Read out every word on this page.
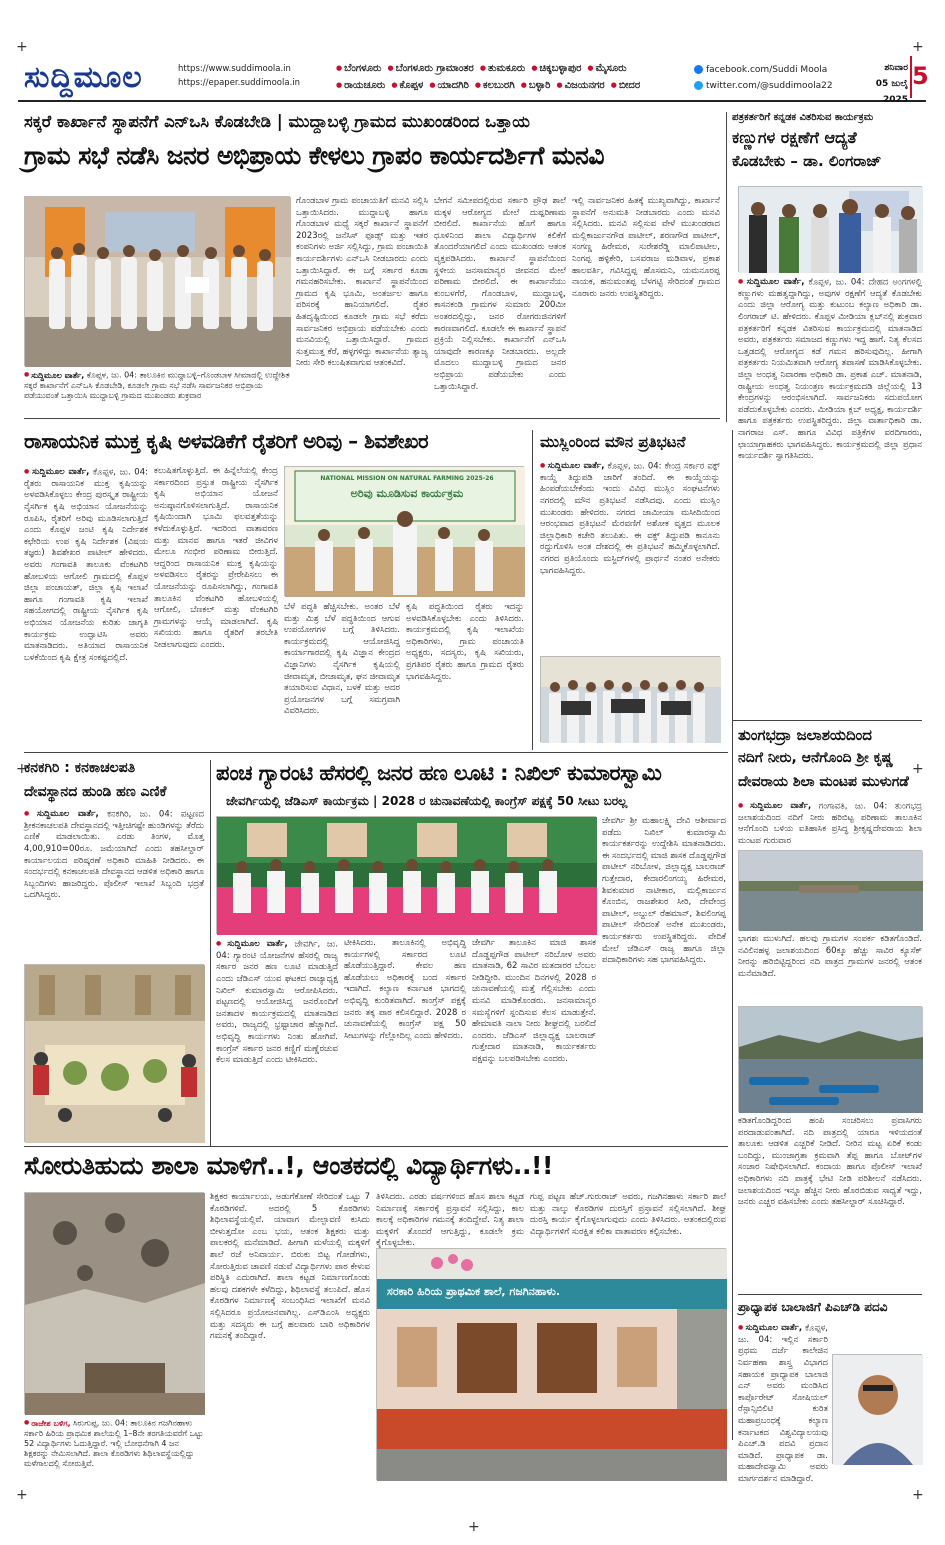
+	+
+	+
+	+
ಸುದ್ದಿಮೂಲ	https://www.suddimoola.in
https://epaper.suddimoola.in
● ಬೆಂಗಳೂರು ● ಬೆಂಗಳೂರು ಗ್ರಾಮಾಂತರ ● ತುಮಕೂರು ● ಚಿಕ್ಕಬಳ್ಳಾಪುರ ● ಮೈಸೂರು
● ರಾಯಚೂರು ● ಕೊಪ್ಪಳ ● ಯಾದಗಿರಿ ● ಕಲಬುರಗಿ ● ಬಳ್ಳಾರಿ ● ವಿಜಯನಗರ ● ಬೀದರ
facebook.com/Suddi Moola
twitter.com/@suddimoola22
ಶನಿವಾರ
05 ಜುಲೈ 2025
5
ಸಕ್ಕರೆ ಕಾರ್ಖಾನೆ ಸ್ಥಾಪನೆಗೆ ಎನ್‌ಒಸಿ ಕೊಡಬೇಡಿ | ಮುದ್ದಾಬಳ್ಳಿ ಗ್ರಾಮದ ಮುಖಂಡರಿಂದ ಒತ್ತಾಯ
ಗ್ರಾಮ ಸಭೆ ನಡೆಸಿ ಜನರ ಅಭಿಪ್ರಾಯ ಕೇಳಲು ಗ್ರಾಪಂ ಕಾರ್ಯದರ್ಶಿಗೆ ಮನವಿ
● ಸುದ್ದಿಮೂಲ ವಾರ್ತೆ, ಕೊಪ್ಪಳ, ಜು. 04: ತಾಲೂಕಿನ ಮುದ್ದಾಬಳ್ಳಿ–ಗೊಂಡಬಾಳ ಸೀಮಾದಲ್ಲಿ ಉದ್ದೇಶಿತ ಸಕ್ಕರೆ ಕಾರ್ಖಾನೆಗೆ ಎನ್‌ಒಸಿ ಕೊಡಬೇಡಿ, ಕೂಡಲೇ ಗ್ರಾಮ ಸಭೆ ನಡೆಸಿ ಸಾರ್ವಜನಿಕರ ಅಭಿಪ್ರಾಯ ಪಡೆಯುವಂತೆ ಒತ್ತಾಯಿಸಿ ಮುದ್ದಾಬಳ್ಳಿ ಗ್ರಾಮದ ಮುಖಂಡರು ಶುಕ್ರವಾರ
ಗೊಂಡಬಾಳ ಗ್ರಾಮ ಪಂಚಾಯತಿಗೆ ಮನವಿ ಸಲ್ಲಿಸಿ ಒತ್ತಾಯಿಸಿದರು. ಮುದ್ದಾಬಳ್ಳಿ ಹಾಗೂ ಗೊಂಡಬಾಳ ಮಧ್ಯೆ ಸಕ್ಕರೆ ಕಾರ್ಖಾನೆ ಸ್ಥಾಪನೆಗೆ 2023ರಲ್ಲಿ ಜನೆಸಿಸ್ ಫೂಡ್ಸ್ ಮತ್ತು ಇತರ ಕಂಪನಿಗಳು ಅರ್ಜಿ ಸಲ್ಲಿಸಿದ್ದು, ಗ್ರಾಮ ಪಂಚಾಯಿತಿ ಕಾರ್ಯದರ್ಶಿಗಳು ಎನ್‌ಒಸಿ ನೀಡಬಾರದು ಎಂದು ಒತ್ತಾಯಿಸಿದ್ದಾರೆ. ಈ ಬಗ್ಗೆ ಸರ್ಕಾರ ಕೂಡಾ ಗಮನಹರಿಸಬೇಕು. ಕಾರ್ಖಾನೆ ಸ್ಥಾಪನೆಯಿಂದ ಗ್ರಾಮದ ಕೃಷಿ ಭೂಮಿ, ಅಂತರ್ಜಲ ಹಾಗೂ ಪರಿಸರಕ್ಕೆ ಹಾನಿಯಾಗಲಿದೆ. ರೈತರ ಹಿತದೃಷ್ಟಿಯಿಂದ ಕೂಡಲೇ ಗ್ರಾಮ ಸಭೆ ಕರೆದು ಸಾರ್ವಜನಿಕರ ಅಭಿಪ್ರಾಯ ಪಡೆಯಬೇಕು ಎಂದು ಮನವಿಯಲ್ಲಿ ಒತ್ತಾಯಿಸಿದ್ದಾರೆ. ಗ್ರಾಮದ ಸುತ್ತಮುತ್ತ ಕೆರೆ, ಹಳ್ಳಗಳಿದ್ದು ಕಾರ್ಖಾನೆಯ ತ್ಯಾಜ್ಯ ನೀರು ಸೇರಿ ಕಲುಷಿತವಾಗುವ ಆತಂಕವಿದೆ.
ಬೇಗನೆ ಸಮೀಪದಲ್ಲಿರುವ ಸರ್ಕಾರಿ ಪ್ರೌಢ ಶಾಲೆ ಮಕ್ಕಳ ಆರೋಗ್ಯದ ಮೇಲೆ ದುಷ್ಪರಿಣಾಮ ಬೀರಲಿದೆ. ಕಾರ್ಖಾನೆಯ ಹೊಗೆ ಹಾಗೂ ಧೂಳಿನಿಂದ ಶಾಲಾ ವಿದ್ಯಾರ್ಥಿಗಳ ಕಲಿಕೆಗೆ ತೊಂದರೆಯಾಗಲಿದೆ ಎಂದು ಮುಖಂಡರು ಆತಂಕ ವ್ಯಕ್ತಪಡಿಸಿದರು. ಕಾರ್ಖಾನೆ ಸ್ಥಾಪನೆಯಿಂದ ಸ್ಥಳೀಯ ಜನಸಾಮಾನ್ಯರ ಜೀವನದ ಮೇಲೆ ಪರಿಣಾಮ ಬೀರಲಿದೆ. ಈ ಕಾರ್ಖಾನೆಯು ಕುಂಬಳಗೆರೆ, ಗೊಂಡಬಾಳ, ಮುದ್ದಾಬಳ್ಳಿ, ಕಾಸನಕಂಡಿ ಗ್ರಾಮಗಳ ಸುಮಾರು 200ಮೀ ಅಂತರದಲ್ಲಿದ್ದು, ಜನರ ರೋಗರುಜಿನಗಳಿಗೆ ಕಾರಣವಾಗಲಿದೆ. ಕೂಡಲೇ ಈ ಕಾರ್ಖಾನೆ ಸ್ಥಾಪನೆ ಪ್ರಕ್ರಿಯೆ ನಿಲ್ಲಿಸಬೇಕು. ಕಾರ್ಖಾನೆಗೆ ಎನ್‌ಒಸಿ ಯಾವುದೇ ಕಾರಣಕ್ಕೂ ನೀಡಬಾರದು. ಅಲ್ಲದೇ ಮೊದಲು ಮುದ್ದಾಬಳ್ಳಿ ಗ್ರಾಮದ ಜನರ ಅಭಿಪ್ರಾಯ ಪಡೆಯಬೇಕು ಎಂದು ಒತ್ತಾಯಿಸಿದ್ದಾರೆ.
ಇಲ್ಲಿ ನಾರ್ವಜನಿಕರ ಹಿತಕ್ಕೆ ಮುಖ್ಯವಾಗಿದ್ದು, ಕಾರ್ಖಾನೆ ಸ್ಥಾಪನೆಗೆ ಅನುಮತಿ ನೀಡಬಾರದು ಎಂದು ಮನವಿ ಸಲ್ಲಿಸಿದರು. ಮನವಿ ಸಲ್ಲಿಸುವ ವೇಳೆ ಮುಖಂಡರಾದ ಮಲ್ಲಿಕಾರ್ಜುನಗೌಡ ಪಾಟೀಲ್, ಶರಣಗೌಡ ಪಾಟೀಲ್, ಸಂಗಣ್ಣ ಹಿರೇಮಠ, ಸುರೇಶರೆಡ್ಡಿ ಮಾಲಿಪಾಟೀಲ, ನಿಂಗಪ್ಪ ಹಳ್ಳಿಕೇರಿ, ಬಸವರಾಜ ಮಡಿವಾಳ, ಪ್ರಕಾಶ ಹಾಲವರ್ತಿ, ಗವಿಸಿದ್ದಪ್ಪ ಹೊಸಮನಿ, ಯಮನೂರಪ್ಪ ನಾಯಕ, ಹನುಮಂತಪ್ಪ ಬೆಳಗಟ್ಟಿ ಸೇರಿದಂತೆ ಗ್ರಾಮದ ನೂರಾರು ಜನರು ಉಪಸ್ಥಿತರಿದ್ದರು.
ಪತ್ರಕರ್ತರಿಗೆ ಕನ್ನಡಕ ವಿತರಿಸುವ ಕಾರ್ಯಕ್ರಮ
ಕಣ್ಣುಗಳ ರಕ್ಷಣೆಗೆ ಆದ್ಯತೆ
ಕೊಡಬೇಕು – ಡಾ. ಲಿಂಗರಾಜ್
● ಸುದ್ದಿಮೂಲ ವಾರ್ತೆ, ಕೊಪ್ಪಳ, ಜು. 04: ದೇಹದ ಅಂಗಗಳಲ್ಲಿ ಕಣ್ಣುಗಳು ಮಹತ್ವದ್ದಾಗಿದ್ದು, ಅವುಗಳ ರಕ್ಷಣೆಗೆ ಆದ್ಯತೆ ಕೊಡಬೇಕು ಎಂದು ಜಿಲ್ಲಾ ಆರೋಗ್ಯ ಮತ್ತು ಕುಟುಂಬ ಕಲ್ಯಾಣ ಅಧಿಕಾರಿ ಡಾ. ಲಿಂಗರಾಜ್ ಟಿ. ಹೇಳಿದರು. ಕೊಪ್ಪಳ ಮೀಡಿಯಾ ಕ್ಲಬ್‌ನಲ್ಲಿ ಶುಕ್ರವಾರ ಪತ್ರಕರ್ತರಿಗೆ ಕನ್ನಡಕ ವಿತರಿಸುವ ಕಾರ್ಯಕ್ರಮದಲ್ಲಿ ಮಾತನಾಡಿದ ಅವರು, ಪತ್ರಕರ್ತರು ಸಮಾಜದ ಕಣ್ಣುಗಳು ಇದ್ದ ಹಾಗೆ. ನಿತ್ಯ ಕೆಲಸದ ಒತ್ತಡದಲ್ಲಿ ಆರೋಗ್ಯದ ಕಡೆ ಗಮನ ಹರಿಸುವುದಿಲ್ಲ. ಹೀಗಾಗಿ ಪತ್ರಕರ್ತರು ನಿಯಮಿತವಾಗಿ ಆರೋಗ್ಯ ತಪಾಸಣೆ ಮಾಡಿಸಿಕೊಳ್ಳಬೇಕು. ಜಿಲ್ಲಾ ಅಂಧತ್ವ ನಿವಾರಣಾ ಅಧಿಕಾರಿ ಡಾ. ಪ್ರಕಾಶ ಎಚ್. ಮಾತನಾಡಿ, ರಾಷ್ಟ್ರೀಯ ಅಂಧತ್ವ ನಿಯಂತ್ರಣ ಕಾರ್ಯಕ್ರಮದಡಿ ಜಿಲ್ಲೆಯಲ್ಲಿ 13 ಕೇಂದ್ರಗಳನ್ನು ಆರಂಭಿಸಲಾಗಿದೆ. ಸಾರ್ವಜನಿಕರು ಸದುಪಯೋಗ ಪಡೆದುಕೊಳ್ಳಬೇಕು ಎಂದರು. ಮೀಡಿಯಾ ಕ್ಲಬ್ ಅಧ್ಯಕ್ಷ, ಕಾರ್ಯದರ್ಶಿ ಹಾಗೂ ಪತ್ರಕರ್ತರು ಉಪಸ್ಥಿತರಿದ್ದರು. ಜಿಲ್ಲಾ ವಾರ್ತಾಧಿಕಾರಿ ಡಾ. ನಾಗರಾಜ ಎಸ್. ಹಾಗೂ ವಿವಿಧ ಪತ್ರಿಕೆಗಳ ವರದಿಗಾರರು, ಛಾಯಾಗ್ರಾಹಕರು ಭಾಗವಹಿಸಿದ್ದರು. ಕಾರ್ಯಕ್ರಮದಲ್ಲಿ ಜಿಲ್ಲಾ ಪ್ರಧಾನ ಕಾರ್ಯದರ್ಶಿ ಸ್ವಾಗತಿಸಿದರು.
ರಾಸಾಯನಿಕ ಮುಕ್ತ ಕೃಷಿ ಅಳವಡಿಕೆಗೆ ರೈತರಿಗೆ ಅರಿವು – ಶಿವಶೇಖರ
● ಸುದ್ದಿಮೂಲ ವಾರ್ತೆ, ಕೊಪ್ಪಳ, ಜು. 04: ರೈತರು ರಾಸಾಯನಿಕ ಮುಕ್ತ ಕೃಷಿಯನ್ನು ಅಳವಡಿಸಿಕೊಳ್ಳಲು ಕೇಂದ್ರ ಪುರಸ್ಕೃತ ರಾಷ್ಟ್ರೀಯ ನೈಸರ್ಗಿಕ ಕೃಷಿ ಅಭಿಯಾನ ಯೋಜನೆಯನ್ನು ರೂಪಿಸಿ, ರೈತರಿಗೆ ಅರಿವು ಮೂಡಿಸಲಾಗುತ್ತಿದೆ ಎಂದು ಕೊಪ್ಪಳ ಜಂಟಿ ಕೃಷಿ ನಿರ್ದೇಶಕ ಕಛೇರಿಯ ಉಪ ಕೃಷಿ ನಿರ್ದೇಶಕ (ವಿಷಯ ತಜ್ಞರು) ಶಿವಶೇಖರ ಪಾಟೀಲ್ ಹೇಳಿದರು. ಅವರು ಗಂಗಾವತಿ ತಾಲೂಕು ವೆಂಕಟಗಿರಿ ಹೋಬಳಿಯ ಆಗೋಲಿ ಗ್ರಾಮದಲ್ಲಿ ಕೊಪ್ಪಳ ಜಿಲ್ಲಾ ಪಂಚಾಯತ್, ಜಿಲ್ಲಾ ಕೃಷಿ ಇಲಾಖೆ ಹಾಗೂ ಗಂಗಾವತಿ ಕೃಷಿ ಇಲಾಖೆ ಸಹಯೋಗದಲ್ಲಿ ರಾಷ್ಟ್ರೀಯ ನೈಸರ್ಗಿಕ ಕೃಷಿ ಅಭಿಯಾನ ಯೋಜನೆಯ ಕುರಿತು ಜಾಗೃತಿ ಕಾರ್ಯಕ್ರಮ ಉದ್ಘಾಟಿಸಿ ಅವರು ಮಾತನಾಡಿದರು. ಅತಿಯಾದ ರಾಸಾಯನಿಕ ಬಳಕೆಯಿಂದ ಕೃಷಿ ಕ್ಷೇತ್ರ ಸಂಕಷ್ಟದಲ್ಲಿದೆ.
ಕಲುಷಿತಗೊಳ್ಳುತ್ತಿದೆ. ಈ ಹಿನ್ನೆಲೆಯಲ್ಲಿ ಕೇಂದ್ರ ಸರ್ಕಾರದಿಂದ ಪ್ರಸ್ತುತ ರಾಷ್ಟ್ರೀಯ ನೈಸರ್ಗಿಕ ಕೃಷಿ ಅಭಿಯಾನ ಯೋಜನೆ ಅನುಷ್ಠಾನಗೊಳಿಸಲಾಗುತ್ತಿದೆ. ರಾಸಾಯನಿಕ ಕೃಷಿಯಿಂದಾಗಿ ಭೂಮಿ ಫಲವತ್ತತೆಯನ್ನು ಕಳೆದುಕೊಳ್ಳುತ್ತಿದೆ. ಇದರಿಂದ ವಾತಾವರಣ ಮತ್ತು ಮಾನವ ಹಾಗೂ ಇತರೆ ಜೀವಿಗಳ ಮೇಲೂ ಗಂಭೀರ ಪರಿಣಾಮ ಬೀರುತ್ತಿದೆ. ಆದ್ದರಿಂದ ರಾಸಾಯನಿಕ ಮುಕ್ತ ಕೃಷಿಯನ್ನು ಅಳವಡಿಸಲು ರೈತರನ್ನು ಪ್ರೇರೇಪಿಸಲು ಈ ಯೋಜನೆಯನ್ನು ರೂಪಿಸಲಾಗಿದ್ದು, ಗಂಗಾವತಿ ತಾಲೂಕಿನ ವೆಂಕಟಗಿರಿ ಹೋಬಳಿಯಲ್ಲಿ ಆಗೋಲಿ, ಬೆಣಕಲ್ ಮತ್ತು ವೆಂಕಟಗಿರಿ ಗ್ರಾಮಗಳನ್ನು ಆಯ್ಕೆ ಮಾಡಲಾಗಿದೆ. ಕೃಷಿ ಸಖಿಯರು ಹಾಗೂ ರೈತರಿಗೆ ತರಬೇತಿ ನೀಡಲಾಗುವುದು ಎಂದರು.
NATIONAL MISSION ON NATURAL FARMING 2025-26
ಅರಿವು ಮೂಡಿಸುವ ಕಾರ್ಯಕ್ರಮ
ಬೆಳೆ ಪದ್ಧತಿ ಹೆಚ್ಚಿಸಬೇಕು. ಅಂತರ ಬೆಳೆ ಮತ್ತು ಮಿಶ್ರ ಬೆಳೆ ಪದ್ಧತಿಯಿಂದ ಆಗುವ ಉಪಯೋಗಗಳ ಬಗ್ಗೆ ತಿಳಿಸಿದರು. ಕಾರ್ಯಕ್ರಮದಲ್ಲಿ ಆಯೋಜಿಸಿದ್ದ ಕಾರ್ಯಾಗಾರದಲ್ಲಿ ಕೃಷಿ ವಿಜ್ಞಾನ ಕೇಂದ್ರದ ವಿಜ್ಞಾನಿಗಳು ನೈಸರ್ಗಿಕ ಕೃಷಿಯಲ್ಲಿ ಜೀವಾಮೃತ, ಬೀಜಾಮೃತ, ಘನ ಜೀವಾಮೃತ ತಯಾರಿಸುವ ವಿಧಾನ, ಬಳಕೆ ಮತ್ತು ಅದರ ಪ್ರಯೋಜನಗಳ ಬಗ್ಗೆ ಸಮಗ್ರವಾಗಿ ವಿವರಿಸಿದರು.
ಕೃಷಿ ಪದ್ಧತಿಯಿಂದ ರೈತರು ಇದನ್ನು ಅಳವಡಿಸಿಕೊಳ್ಳಬೇಕು ಎಂದು ತಿಳಿಸಿದರು. ಕಾರ್ಯಕ್ರಮದಲ್ಲಿ ಕೃಷಿ ಇಲಾಖೆಯ ಅಧಿಕಾರಿಗಳು, ಗ್ರಾಮ ಪಂಚಾಯತಿ ಅಧ್ಯಕ್ಷರು, ಸದಸ್ಯರು, ಕೃಷಿ ಸಖಿಯರು, ಪ್ರಗತಿಪರ ರೈತರು ಹಾಗೂ ಗ್ರಾಮದ ರೈತರು ಭಾಗವಹಿಸಿದ್ದರು.
ಮುಸ್ಲಿಂರಿಂದ ಮೌನ ಪ್ರತಿಭಟನೆ
● ಸುದ್ದಿಮೂಲ ವಾರ್ತೆ, ಕೊಪ್ಪಳ, ಜು. 04: ಕೇಂದ್ರ ಸರ್ಕಾರ ವಕ್ಫ್ ಕಾಯ್ದೆ ತಿದ್ದುಪಡಿ ಜಾರಿಗೆ ತಂದಿದೆ. ಈ ಕಾಯ್ದೆಯನ್ನು ಹಿಂಪಡೆಯಬೇಕೆಂದು ಇಂದು ವಿವಿಧ ಮುಸ್ಲಿಂ ಸಂಘಟನೆಗಳು ನಗರದಲ್ಲಿ ಮೌನ ಪ್ರತಿಭಟನೆ ನಡೆಸಿದವು. ಎಂದು ಮುಸ್ಲಿಂ ಮುಖಂಡರು ಹೇಳಿದರು. ನಗರದ ಜಾಮೀಯಾ ಮಸೀದಿಯಿಂದ ಆರಂಭವಾದ ಪ್ರತಿಭಟನೆ ಮೆರವಣಿಗೆ ಅಶೋಕ ವೃತ್ತದ ಮೂಲಕ ಜಿಲ್ಲಾಧಿಕಾರಿ ಕಚೇರಿ ತಲುಪಿತು. ಈ ವಕ್ಫ್ ತಿದ್ದುಪಡಿ ಕಾನೂನು ರದ್ದುಗೊಳಿಸಿ ಅಂತ ದೇಶದಲ್ಲಿ ಈ ಪ್ರತಿಭಟನೆ ಹಮ್ಮಿಕೊಳ್ಳಲಾಗಿದೆ. ನಗರದ ಪ್ರತಿಯೊಂದು ಮಸ್ಜಿದ್‌ಗಳಲ್ಲಿ ಪ್ರಾರ್ಥನೆ ನಂತರ ಅನೇಕರು ಭಾಗವಹಿಸಿದ್ದರು.
ತುಂಗಭದ್ರಾ ಜಲಾಶಯದಿಂದ
ನದಿಗೆ ನೀರು, ಆನೆಗೊಂದಿ ಶ್ರೀ ಕೃಷ್ಣ
ದೇವರಾಯ ಶಿಲಾ ಮಂಟಪ ಮುಳುಗಡೆ
● ಸುದ್ದಿಮೂಲ ವಾರ್ತೆ, ಗಂಗಾವತಿ, ಜು. 04: ತುಂಗಭದ್ರ ಜಲಾಶಯದಿಂದ ನದಿಗೆ ನೀರು ಹರಿಬಿಟ್ಟ ಪರಿಣಾಮ ತಾಲೂಕಿನ ಆನೆಗೊಂದಿ ಬಳಿಯ ಐತಿಹಾಸಿಕ ಪ್ರಸಿದ್ಧ ಶ್ರೀಕೃಷ್ಣದೇವರಾಯ ಶಿಲಾ ಮಂಟಪ ಗುರುವಾರ
ಭಾಗಶಃ ಮುಳುಗಿದೆ. ಹಲವು ಗ್ರಾಮಗಳ ಸಂಪರ್ಕ ಕಡಿತಗೊಂಡಿದೆ. ನವಿಲಿನಹಳ್ಳ ಜಲಾಶಯದಿಂದ 60ಕ್ಕೂ ಹೆಚ್ಚು ಸಾವಿರ ಕ್ಯೂಸೆಕ್ ನೀರನ್ನು ಹರಿಬಿಟ್ಟಿದ್ದರಿಂದ ನದಿ ಪಾತ್ರದ ಗ್ರಾಮಗಳ ಜನರಲ್ಲಿ ಆತಂಕ ಮನೆಮಾಡಿದೆ.
ಕಡಿತಗೊಂಡಿದ್ದರಿಂದ ಹಂಪಿ ಸಂಚರಿಸಲು ಪ್ರವಾಸಿಗರು ಪರದಾಡುವಂತಾಗಿದೆ. ನದಿ ಪಾತ್ರದಲ್ಲಿ ಯಾರೂ ಇಳಿಯದಂತೆ ತಾಲೂಕು ಆಡಳಿತ ಎಚ್ಚರಿಕೆ ನೀಡಿದೆ. ನೀರಿನ ಮಟ್ಟ ಏರಿಕೆ ಕಂಡು ಬಂದಿದ್ದು, ಮುಂಜಾಗ್ರತಾ ಕ್ರಮವಾಗಿ ತೆಪ್ಪ ಹಾಗೂ ಬೋಟ್‌ಗಳ ಸಂಚಾರ ನಿಷೇಧಿಸಲಾಗಿದೆ. ಕಂದಾಯ ಹಾಗೂ ಪೊಲೀಸ್ ಇಲಾಖೆ ಅಧಿಕಾರಿಗಳು ನದಿ ಪಾತ್ರಕ್ಕೆ ಭೇಟಿ ನೀಡಿ ಪರಿಶೀಲನೆ ನಡೆಸಿದರು. ಜಲಾಶಯದಿಂದ ಇನ್ನೂ ಹೆಚ್ಚಿನ ನೀರು ಹೊರಬಿಡುವ ಸಾಧ್ಯತೆ ಇದ್ದು, ಜನರು ಎಚ್ಚರ ವಹಿಸಬೇಕು ಎಂದು ತಹಸೀಲ್ದಾರ್ ಸೂಚಿಸಿದ್ದಾರೆ.
ಕನಕಗಿರಿ : ಕನಕಾಚಲಪತಿ
ದೇವಸ್ಥಾನದ ಹುಂಡಿ ಹಣ ಎಣಿಕೆ
● ಸುದ್ದಿಮೂಲ ವಾರ್ತೆ, ಕನಕಗಿರಿ, ಜು. 04: ಪಟ್ಟಣದ ಶ್ರೀಕನಕಾಚಲಪತಿ ದೇವಸ್ಥಾನದಲ್ಲಿ ಇತ್ತೀಚಿಗಷ್ಟೇ ಹುಂಡಿಗಳನ್ನು ತೆರೆದು ಎಣಿಕೆ ಮಾಡಲಾಯಿತು. ಎರಡು ತಿಂಗಳ, ಮೊತ್ತ 4,00,910=00ರೂ. ಜಮೆಯಾಗಿದೆ ಎಂದು ತಹಸೀಲ್ದಾರ್ ಕಾರ್ಯಾಲಯದ ಪರಿಷ್ಕರಣೆ ಅಧಿಕಾರಿ ಮಾಹಿತಿ ನೀಡಿದರು. ಈ ಸಂದರ್ಭದಲ್ಲಿ ಕನಕಾಚಲಪತಿ ದೇವಸ್ಥಾನದ ಆಡಳಿತ ಅಧಿಕಾರಿ ಹಾಗೂ ಸಿಬ್ಬಂದಿಗಳು ಹಾಜರಿದ್ದರು. ಪೊಲೀಸ್ ಇಲಾಖೆ ಸಿಬ್ಬಂದಿ ಭದ್ರತೆ ಒದಗಿಸಿದ್ದರು.
ಪಂಚ ಗ್ಯಾರಂಟಿ ಹೆಸರಲ್ಲಿ ಜನರ ಹಣ ಲೂಟಿ : ನಿಖಿಲ್ ಕುಮಾರಸ್ವಾಮಿ
ಜೇವರ್ಗಿಯಲ್ಲಿ ಜೆಡಿಎಸ್ ಕಾರ್ಯಕ್ರಮ | 2028 ರ ಚುನಾವಣೆಯಲ್ಲಿ ಕಾಂಗ್ರೆಸ್ ಪಕ್ಷಕ್ಕೆ 50 ಸೀಟು ಬರಲ್ಲ
ಜೇವರ್ಗಿ ಶ್ರೀ ಮಹಾಲಕ್ಷ್ಮಿ ದೇವಿ ಆಶೀರ್ವಾದ ಪಡೆದು ನಿಖಿಲ್ ಕುಮಾರಸ್ವಾಮಿ ಕಾರ್ಯಕರ್ತರನ್ನು ಉದ್ದೇಶಿಸಿ ಮಾತನಾಡಿದರು. ಈ ಸಂದರ್ಭದಲ್ಲಿ ಮಾಜಿ ಶಾಸಕ ದೊಡ್ಡಪ್ಪಗೌಡ ಪಾಟೀಲ್ ನರಿಬೋಳ, ಜಿಲ್ಲಾಧ್ಯಕ್ಷ ಬಾಲರಾಜ್ ಗುತ್ತೇದಾರ, ಕೇದಾರಲಿಂಗಯ್ಯ ಹಿರೇಮಠ, ಶಿವಕುಮಾರ ನಾಟೀಕಾರ, ಮಲ್ಲಿಕಾರ್ಜುನ ಕೊಂಬಿನ, ರಾಜಶೇಖರ ಸೀರಿ, ದೇವೇಂದ್ರ ಪಾಟೀಲ್, ಅಬ್ದುಲ್ ರೆಹಮಾನ್, ಶಿವಲಿಂಗಪ್ಪ ಪಾಟೀಲ್ ಸೇರಿದಂತೆ ಅನೇಕ ಮುಖಂಡರು, ಕಾರ್ಯಕರ್ತರು ಉಪಸ್ಥಿತರಿದ್ದರು. ವೇದಿಕೆ ಮೇಲೆ ಜೆಡಿಎಸ್ ರಾಜ್ಯ ಹಾಗೂ ಜಿಲ್ಲಾ ಪದಾಧಿಕಾರಿಗಳು ಸಹ ಭಾಗವಹಿಸಿದ್ದರು.
● ಸುದ್ದಿಮೂಲ ವಾರ್ತೆ, ಜೇವರ್ಗಿ, ಜು. 04: ಗ್ಯಾರಂಟಿ ಯೋಜನೆಗಳ ಹೆಸರಲ್ಲಿ ರಾಜ್ಯ ಸರ್ಕಾರ ಜನರ ಹಣ ಲೂಟಿ ಮಾಡುತ್ತಿದೆ ಎಂದು ಜೆಡಿಎಸ್ ಯುವ ಘಟಕದ ರಾಜ್ಯಾಧ್ಯಕ್ಷ ನಿಖಿಲ್ ಕುಮಾರಸ್ವಾಮಿ ಆರೋಪಿಸಿದರು. ಪಟ್ಟಣದಲ್ಲಿ ಆಯೋಜಿಸಿದ್ದ ಜನರೊಂದಿಗೆ ಜನತಾದಳ ಕಾರ್ಯಕ್ರಮದಲ್ಲಿ ಮಾತನಾಡಿದ ಅವರು, ರಾಜ್ಯದಲ್ಲಿ ಭ್ರಷ್ಟಾಚಾರ ಹೆಚ್ಚಾಗಿದೆ. ಅಭಿವೃದ್ಧಿ ಕಾರ್ಯಗಳು ನಿಂತು ಹೋಗಿವೆ. ಕಾಂಗ್ರೆಸ್ ಸರ್ಕಾರ ಜನರ ಕಣ್ಣಿಗೆ ಮಣ್ಣೆರಚುವ ಕೆಲಸ ಮಾಡುತ್ತಿದೆ ಎಂದು ಟೀಕಿಸಿದರು.
ಟೀಕಿಸಿದರು. ತಾಲೂಕಿನಲ್ಲಿ ಅಭಿವೃದ್ಧಿ ಕಾರ್ಯಗಳಲ್ಲಿ ಸರ್ಕಾರದ ಲೂಟಿ ಹೊಡೆಯುತ್ತಿದ್ದಾರೆ. ಕೇವಲ ಹಣ ಹೊಡೆಯಲು ಅಧಿಕಾರಕ್ಕೆ ಬಂದ ಸರ್ಕಾರ ಇದಾಗಿದೆ. ಕಲ್ಯಾಣ ಕರ್ನಾಟಕ ಭಾಗದಲ್ಲಿ ಅಭಿವೃದ್ಧಿ ಕುಂಠಿತವಾಗಿದೆ. ಕಾಂಗ್ರೆಸ್ ಪಕ್ಷಕ್ಕೆ ಜನರು ತಕ್ಕ ಪಾಠ ಕಲಿಸಲಿದ್ದಾರೆ. 2028 ರ ಚುನಾವಣೆಯಲ್ಲಿ ಕಾಂಗ್ರೆಸ್ ಪಕ್ಷ 50 ಸೀಟುಗಳನ್ನು ಗೆಲ್ಲೋದಿಲ್ಲ ಎಂದು ಹೇಳಿದರು.
ಜೇವರ್ಗಿ ತಾಲೂಕಿನ ಮಾಜಿ ಶಾಸಕ ದೊಡ್ಡಪ್ಪಗೌಡ ಪಾಟೀಲ್ ನರಿಬೋಳ ಅವರು ಮಾತನಾಡಿ, 62 ಸಾವಿರ ಮತದಾರರ ಬೆಂಬಲ ನೀಡಿದ್ದೀರಿ. ಮುಂದಿನ ದಿನಗಳಲ್ಲಿ 2028 ರ ಚುನಾವಣೆಯಲ್ಲಿ ಮತ್ತೆ ಗೆಲ್ಲಿಸಬೇಕು ಎಂದು ಮನವಿ ಮಾಡಿಕೊಂಡರು. ಜನಸಾಮಾನ್ಯರ ಸಮಸ್ಯೆಗಳಿಗೆ ಸ್ಪಂದಿಸುವ ಕೆಲಸ ಮಾಡುತ್ತೇನೆ. ಹೇಮಾವತಿ ನಾಲಾ ನೀರು ಶೀಘ್ರದಲ್ಲಿ ಬರಲಿದೆ ಎಂದರು. ಜೆಡಿಎಸ್ ಜಿಲ್ಲಾಧ್ಯಕ್ಷ ಬಾಲರಾಜ್ ಗುತ್ತೇದಾರ ಮಾತನಾಡಿ, ಕಾರ್ಯಕರ್ತರು ಪಕ್ಷವನ್ನು ಬಲಪಡಿಸಬೇಕು ಎಂದರು.
ಸೋರುತಿಹುದು ಶಾಲಾ ಮಾಳಿಗೆ..!, ಆಂತಕದಲ್ಲಿ ವಿದ್ಯಾರ್ಥಿಗಳು..!!
● ರಾಜೇಶ ಬಳಿಗ, ಸಿರುಗುಪ್ಪ, ಜು. 04: ತಾಲೂಕಿನ ಗಜಗಿನಹಾಳು ಸರ್ಕಾರಿ ಹಿರಿಯ ಪ್ರಾಥಮಿಕ ಶಾಲೆಯಲ್ಲಿ 1–8ನೇ ತರಗತಿಯವರೆಗೆ ಒಟ್ಟು 52 ವಿದ್ಯಾರ್ಥಿಗಳು ಓದುತ್ತಿದ್ದಾರೆ. ಇಲ್ಲಿ ಬೋಧನೆಗಾಗಿ 4 ಜನ ಶಿಕ್ಷಕರನ್ನು ನೇಮಿಸಲಾಗಿದೆ. ಶಾಲಾ ಕೊಠಡಿಗಳು ಶಿಥಿಲಾವಸ್ಥೆಯಲ್ಲಿದ್ದು ಮಳೆಗಾಲದಲ್ಲಿ ಸೋರುತ್ತಿವೆ.
ಶಿಕ್ಷಕರ ಕಾರ್ಯಾಲಯ, ಅಡುಗೆಕೋಣೆ ಸೇರಿದಂತೆ ಒಟ್ಟು 7 ಕೊಠಡಿಗಳಿವೆ. ಅದರಲ್ಲಿ 5 ಕೊಠಡಿಗಳು ಶಿಥಿಲಾವಸ್ಥೆಯಲ್ಲಿವೆ. ಯಾವಾಗ ಮೇಲ್ಛಾವಣಿ ಕುಸಿದು ಬೀಳುತ್ತದೋ ಎಂಬ ಭಯ, ಆತಂಕ ಶಿಕ್ಷಕರು ಮತ್ತು ಪಾಲಕರಲ್ಲಿ ಮನೆಮಾಡಿದೆ. ಹೀಗಾಗಿ ಮಳೆಯಲ್ಲಿ ಮಕ್ಕಳಿಗೆ ಶಾಲೆ ರಜೆ ಅನಿವಾರ್ಯ. ಬಿರುಕು ಬಿಟ್ಟ ಗೋಡೆಗಳು, ಸೋರುತ್ತಿರುವ ಚಾವಣಿ ನಡುವೆ ವಿದ್ಯಾರ್ಥಿಗಳು ಪಾಠ ಕೇಳುವ ಪರಿಸ್ಥಿತಿ ಎದುರಾಗಿದೆ. ಶಾಲಾ ಕಟ್ಟಡ ನಿರ್ಮಾಣಗೊಂಡು ಹಲವು ದಶಕಗಳೇ ಕಳೆದಿದ್ದು, ಶಿಥಿಲಾವಸ್ಥೆ ತಲುಪಿದೆ. ಹೊಸ ಕೊಠಡಿಗಳ ನಿರ್ಮಾಣಕ್ಕೆ ಸಂಬಂಧಿಸಿದ ಇಲಾಖೆಗೆ ಮನವಿ ಸಲ್ಲಿಸಿದರೂ ಪ್ರಯೋಜನವಾಗಿಲ್ಲ. ಎಸ್‌ಡಿಎಂಸಿ ಅಧ್ಯಕ್ಷರು ಮತ್ತು ಸದಸ್ಯರು ಈ ಬಗ್ಗೆ ಹಲವಾರು ಬಾರಿ ಅಧಿಕಾರಿಗಳ ಗಮನಕ್ಕೆ ತಂದಿದ್ದಾರೆ.
ತಿಳಿಸಿದರು. ಎರಡು ವರ್ಷಗಳಿಂದ ಹೊಸ ಶಾಲಾ ಕಟ್ಟಡ ನಿರ್ಮಾಣಕ್ಕೆ ಸರ್ಕಾರಕ್ಕೆ ಪ್ರಸ್ತಾವನೆ ಸಲ್ಲಿಸಿದ್ದು, ಕಾಲ ಕಾಲಕ್ಕೆ ಅಧಿಕಾರಿಗಳ ಗಮನಕ್ಕೆ ತಂದಿದ್ದೇವೆ. ನಿತ್ಯ ಶಾಲಾ ಮಕ್ಕಳಿಗೆ ತೊಂದರೆ ಆಗುತ್ತಿದ್ದು, ಕೂಡಲೇ ಕ್ರಮ ಕೈಗೊಳ್ಳಬೇಕು.
ಗುಪ್ಪ ಪಟ್ಟಣ ಹೆಚ್.ಗುರುರಾಜ್ ಅವರು, ಗಜಗಿನಹಾಳು ಸರ್ಕಾರಿ ಶಾಲೆ ಮತ್ತು ನಾಲ್ಕು ಕೊಠಡಿಗಳ ದುರಸ್ತಿಗೆ ಪ್ರಸ್ತಾವನೆ ಸಲ್ಲಿಸಲಾಗಿದೆ. ಶೀಘ್ರ ದುರಸ್ತಿ ಕಾರ್ಯ ಕೈಗೊಳ್ಳಲಾಗುವುದು ಎಂದು ತಿಳಿಸಿದರು. ಆತಂಕದಲ್ಲಿರುವ ವಿದ್ಯಾರ್ಥಿಗಳಿಗೆ ಸುರಕ್ಷಿತ ಕಲಿಕಾ ವಾತಾವರಣ ಕಲ್ಪಿಸಬೇಕು.
ಸರಕಾರಿ ಹಿರಿಯ ಪ್ರಾಥಮಿಕ ಶಾಲೆ, ಗಜಗಿನಹಾಳು.
ಪ್ರಾಧ್ಯಾಪಕ ಬಾಲಾಜಿಗೆ ಪಿಎಚ್‌ಡಿ ಪದವಿ
● ಸುದ್ದಿಮೂಲ ವಾರ್ತೆ, ಕೊಪ್ಪಳ, ಜು. 04: ಇಲ್ಲಿನ ಸರ್ಕಾರಿ ಪ್ರಥಮ ದರ್ಜೆ ಕಾಲೇಜಿನ ನಿರ್ವಹಣಾ ಶಾಸ್ತ್ರ ವಿಭಾಗದ ಸಹಾಯಕ ಪ್ರಾಧ್ಯಾಪಕ ಬಾಲಾಜಿ ಎನ್ ಅವರು ಮಂಡಿಸಿದ ಕಾರ್ಪೊರೇಟ್ ಸೋಷಿಯಲ್ ರೆಸ್ಪಾನ್ಸಿಬಿಲಿಟಿ ಕುರಿತ ಮಹಾಪ್ರಬಂಧಕ್ಕೆ ಕಲ್ಯಾಣ ಕರ್ನಾಟಕದ ವಿಶ್ವವಿದ್ಯಾಲಯವು ಪಿಎಚ್.ಡಿ ಪದವಿ ಪ್ರದಾನ ಮಾಡಿದೆ. ಪ್ರಾಧ್ಯಾಪಕ ಡಾ. ಮಹಾದೇವಸ್ವಾಮಿ ಅವರು ಮಾರ್ಗದರ್ಶನ ಮಾಡಿದ್ದಾರೆ.
+
